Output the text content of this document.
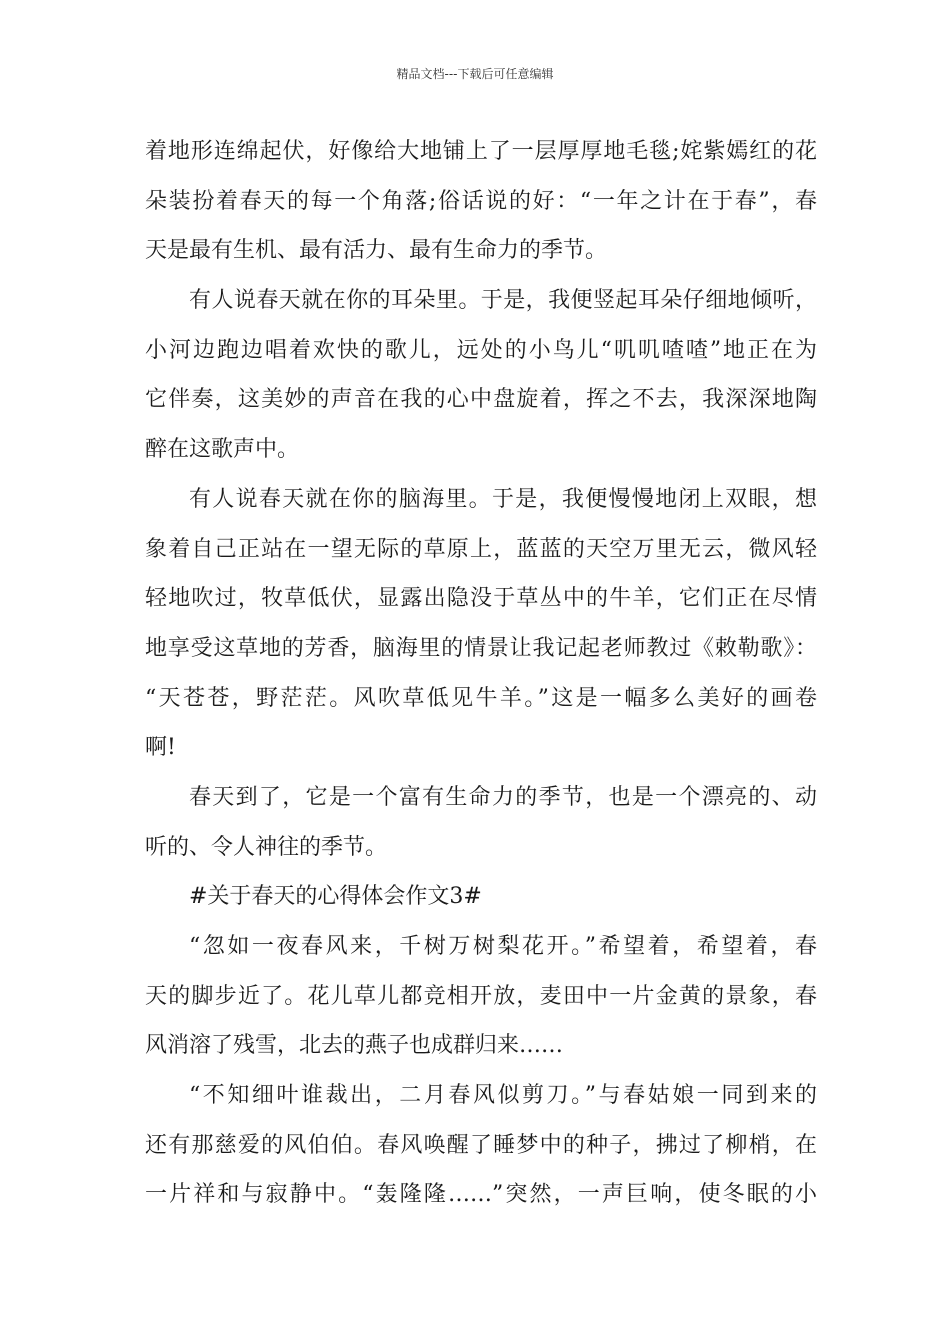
精品文档---下载后可任意编辑
着地形连绵起伏，好像给大地铺上了一层厚厚地毛毯;姹紫嫣红的花
朵装扮着春天的每一个角落;俗话说的好：“一年之计在于春”，春
天是最有生机、最有活力、最有生命力的季节。
有人说春天就在你的耳朵里。于是，我便竖起耳朵仔细地倾听，
小河边跑边唱着欢快的歌儿，远处的小鸟儿“叽叽喳喳”地正在为
它伴奏，这美妙的声音在我的心中盘旋着，挥之不去，我深深地陶
醉在这歌声中。
有人说春天就在你的脑海里。于是，我便慢慢地闭上双眼，想
象着自己正站在一望无际的草原上，蓝蓝的天空万里无云，微风轻
轻地吹过，牧草低伏，显露出隐没于草丛中的牛羊，它们正在尽情
地享受这草地的芳香，脑海里的情景让我记起老师教过《敕勒歌》：
“天苍苍，野茫茫。风吹草低见牛羊。”这是一幅多么美好的画卷
啊!
春天到了，它是一个富有生命力的季节，也是一个漂亮的、动
听的、令人神往的季节。
#关于春天的心得体会作文3#
“忽如一夜春风来，千树万树梨花开。”希望着，希望着，春
天的脚步近了。花儿草儿都竞相开放，麦田中一片金黄的景象，春
风消溶了残雪，北去的燕子也成群归来……
“不知细叶谁裁出，二月春风似剪刀。”与春姑娘一同到来的
还有那慈爱的风伯伯。春风唤醒了睡梦中的种子，拂过了柳梢，在
一片祥和与寂静中。“轰隆隆……”突然，一声巨响，使冬眠的小
